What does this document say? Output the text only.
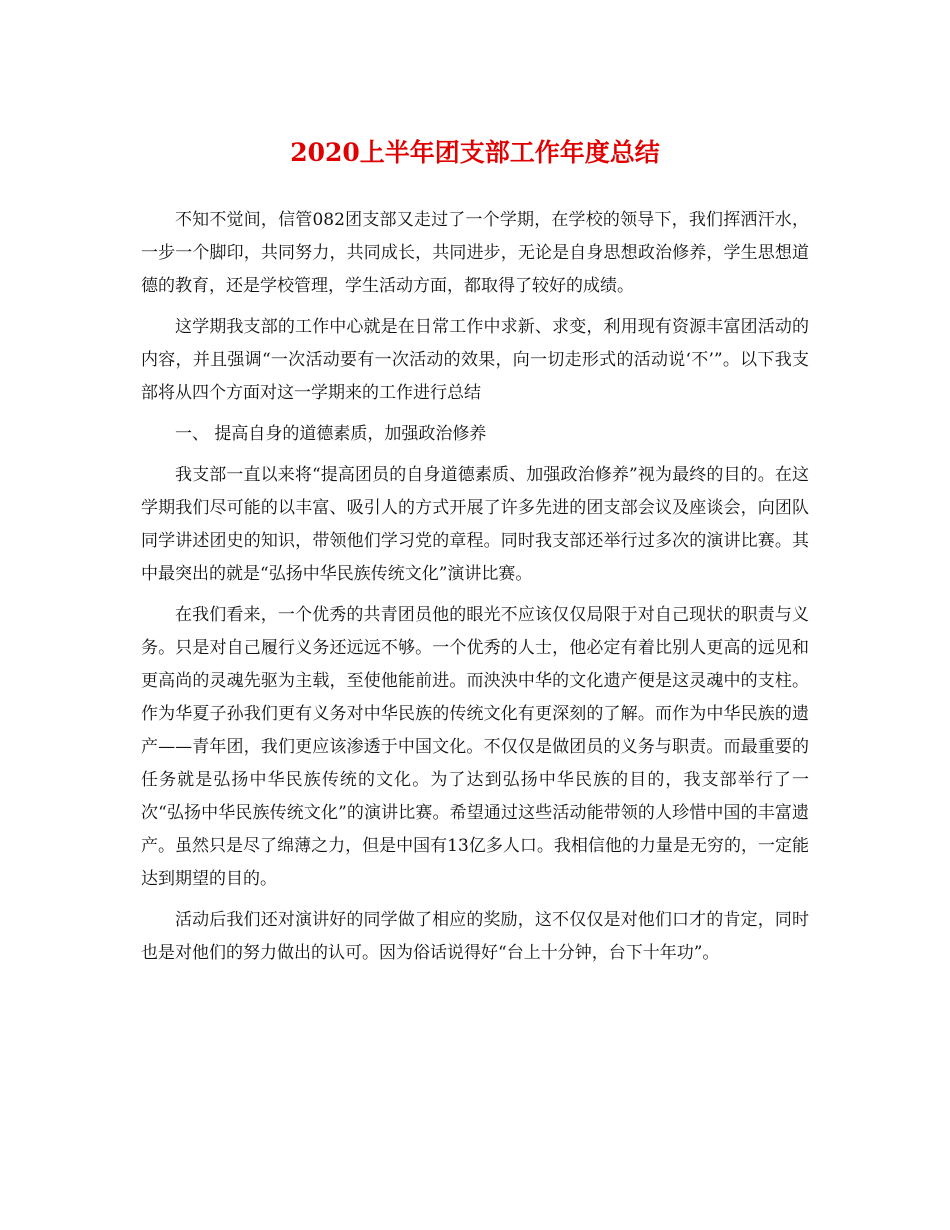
2020上半年团支部工作年度总结

不知不觉间，信管082团支部又走过了一个学期，在学校的领导下，我们挥洒汗水，一步一个脚印，共同努力，共同成长，共同进步，无论是自身思想政治修养，学生思想道德的教育，还是学校管理，学生活动方面，都取得了较好的成绩。

这学期我支部的工作中心就是在日常工作中求新、求变，利用现有资源丰富团活动的内容，并且强调“一次活动要有一次活动的效果，向一切走形式的活动说‘不’”。以下我支部将从四个方面对这一学期来的工作进行总结

一、 提高自身的道德素质，加强政治修养

我支部一直以来将“提高团员的自身道德素质、加强政治修养”视为最终的目的。在这学期我们尽可能的以丰富、吸引人的方式开展了许多先进的团支部会议及座谈会，向团队同学讲述团史的知识，带领他们学习党的章程。同时我支部还举行过多次的演讲比赛。其中最突出的就是“弘扬中华民族传统文化”演讲比赛。

在我们看来，一个优秀的共青团员他的眼光不应该仅仅局限于对自己现状的职责与义务。只是对自己履行义务还远远不够。一个优秀的人士，他必定有着比别人更高的远见和更高尚的灵魂先驱为主载，至使他能前进。而泱泱中华的文化遗产便是这灵魂中的支柱。作为华夏子孙我们更有义务对中华民族的传统文化有更深刻的了解。而作为中华民族的遗产——青年团，我们更应该渗透于中国文化。不仅仅是做团员的义务与职责。而最重要的任务就是弘扬中华民族传统的文化。为了达到弘扬中华民族的目的，我支部举行了一次“弘扬中华民族传统文化”的演讲比赛。希望通过这些活动能带领的人珍惜中国的丰富遗产。虽然只是尽了绵薄之力，但是中国有13亿多人口。我相信他的力量是无穷的，一定能达到期望的目的。

活动后我们还对演讲好的同学做了相应的奖励，这不仅仅是对他们口才的肯定，同时也是对他们的努力做出的认可。因为俗话说得好“台上十分钟，台下十年功”。
